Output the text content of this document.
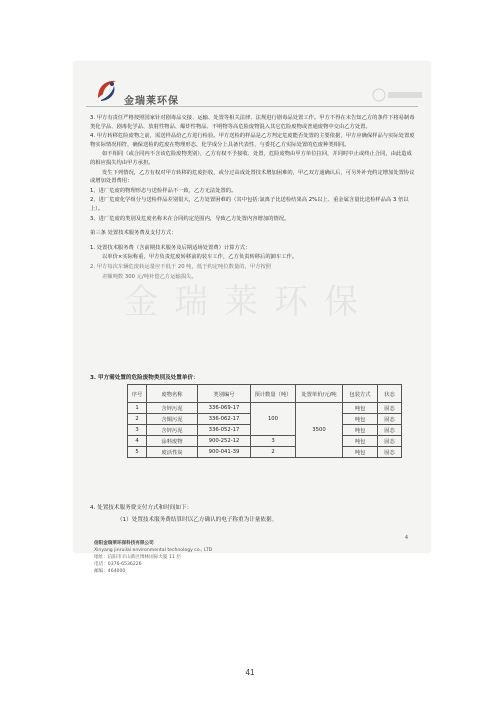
金瑞莱环保
金瑞莱环保

3. 甲方有责任严格按照国家针对剧毒品交接、运输、处置等相关法律、法规进行剧毒品处置工作。甲方不得在未告知乙方的条件下将易制毒类化学品、剧毒化学品、放射性物品、爆炸性物品、不明物等高危险废物混入其它危险废物或普通废物中交由乙方处置。

4. 甲方转移危险废物之前，需送样品给乙方进行检验。甲方送检的样品是乙方判定危废能否处置的主要依据，甲方应确保样品与实际处置废物实际情况相符，确保送检的危废在物理形态、化学成分上具备代表性，与委托乙方实际处置的危废种类相同。

如不相同（或合同内不含该危险废物类别），乙方有权不予接收、处置，危险废物由甲方单位拉回，并同时中止或终止合同，由此造成的相应损失均由甲方承担。

发生下列情况，乙方有权对甲方转移的危废拒收，或分过高成处置技术增加困难的，甲乙双方通确认后，可另外补充约定增加处置协议或增加处置费用：

1、进厂危废的物理形态与送检样品不一致，乙方无法处置的。

2、进厂危废化学组分与送检样品差别很大，乙方处置困难的（其中包括:氯离子比送检结果高 2%以上、重金属含量比送检样品高 3 倍以上）。

3、进厂危废的类别及危废名称未在合同约定范围内，导致乙方处置内容增加的情况。

第三条 处置技术服务费及支付方式：

1. 处置技术服务费（含前期技术服务及后期适场处置费）计算方式：

以单价×实际称重，甲方负责危废转移前的装车工作，乙方负责转移后的卸车工作。

2. 甲方每次车辆危废转运量应不低于 20 吨，低于约定吨位数量的，甲方按照

差额吨数 300 元/吨补偿乙方运输损失。

3. 甲方需处置的危险废物类别及处置单价：
序号	废物名称	类别编号	预计数量（吨）	处置单价/元/吨	包装方式	状态
1	含锌污泥	336-069-17	100	3500	吨包	固态
2	含铜污泥	336-062-17			吨包	固态
3	含锌污泥	336-052-17			吨包	固态
4	涂料废物	900-252-12	3		吨包	固态
5	废活性炭	900-041-39	2		吨包	固态
4. 处置技术服务费支付方式和时间如下：
（1）处置技术服务费结算时以乙方确认的电子称重为计量依据。
4
信阳金瑞莱环保科技有限公司
Xinyang jinruilai environmental technology co., LTD
地址：信阳市羊山新区博林国际大厦 11 层
电话：0376-6536226
邮编：464000
41
